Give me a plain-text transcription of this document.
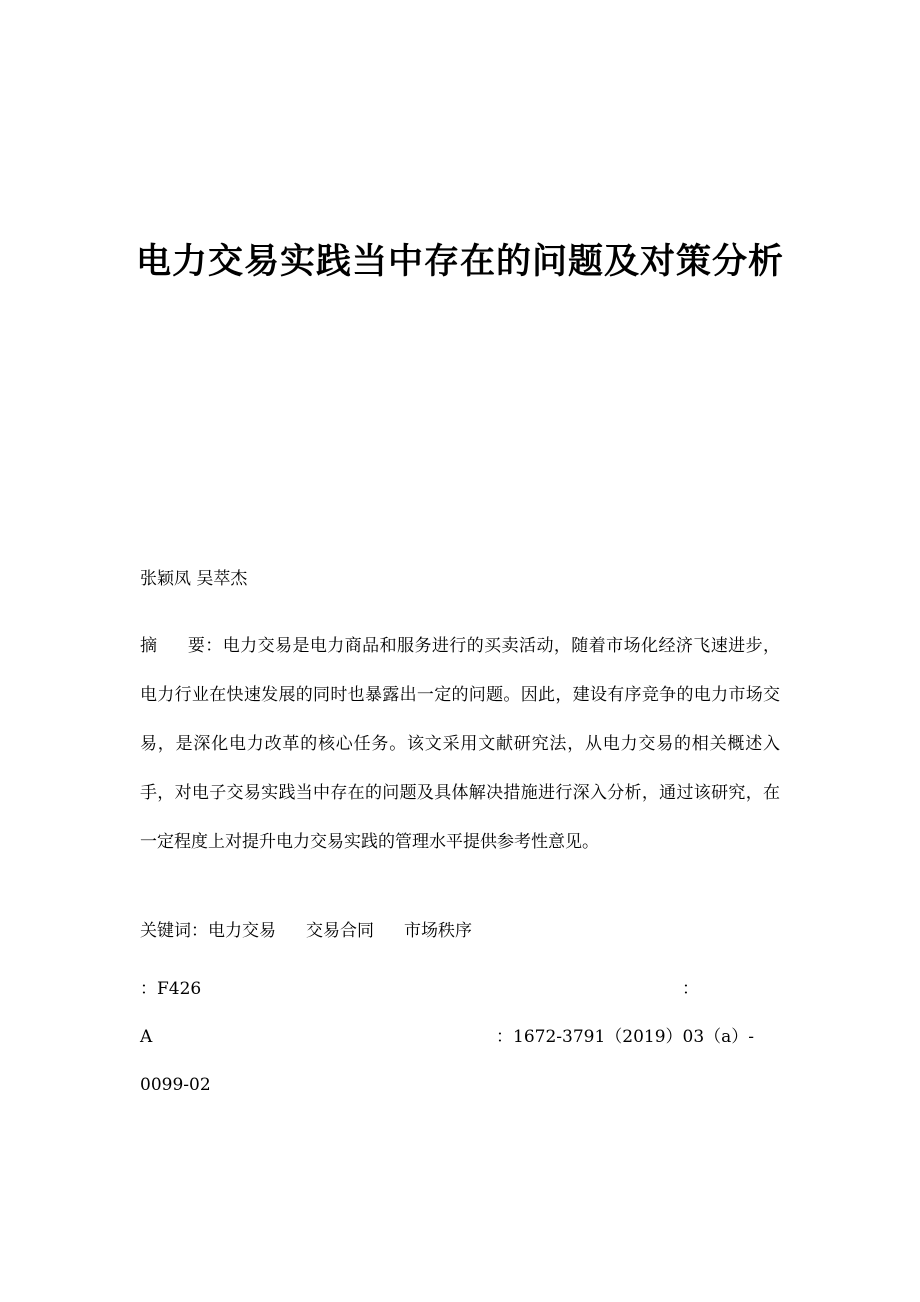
电力交易实践当中存在的问题及对策分析
张颖凤 吴萃杰
摘 要：电力交易是电力商品和服务进行的买卖活动，随着市场化经济飞速进步，电力行业在快速发展的同时也暴露出一定的问题。因此，建设有序竞争的电力市场交易，是深化电力改革的核心任务。该文采用文献研究法，从电力交易的相关概述入手，对电子交易实践当中存在的问题及具体解决措施进行深入分析，通过该研究，在一定程度上对提升电力交易实践的管理水平提供参考性意见。
关键词：电力交易 交易合同 市场秩序
：F426	：
A	：1672-3791（2019）03（a）-
0099-02
